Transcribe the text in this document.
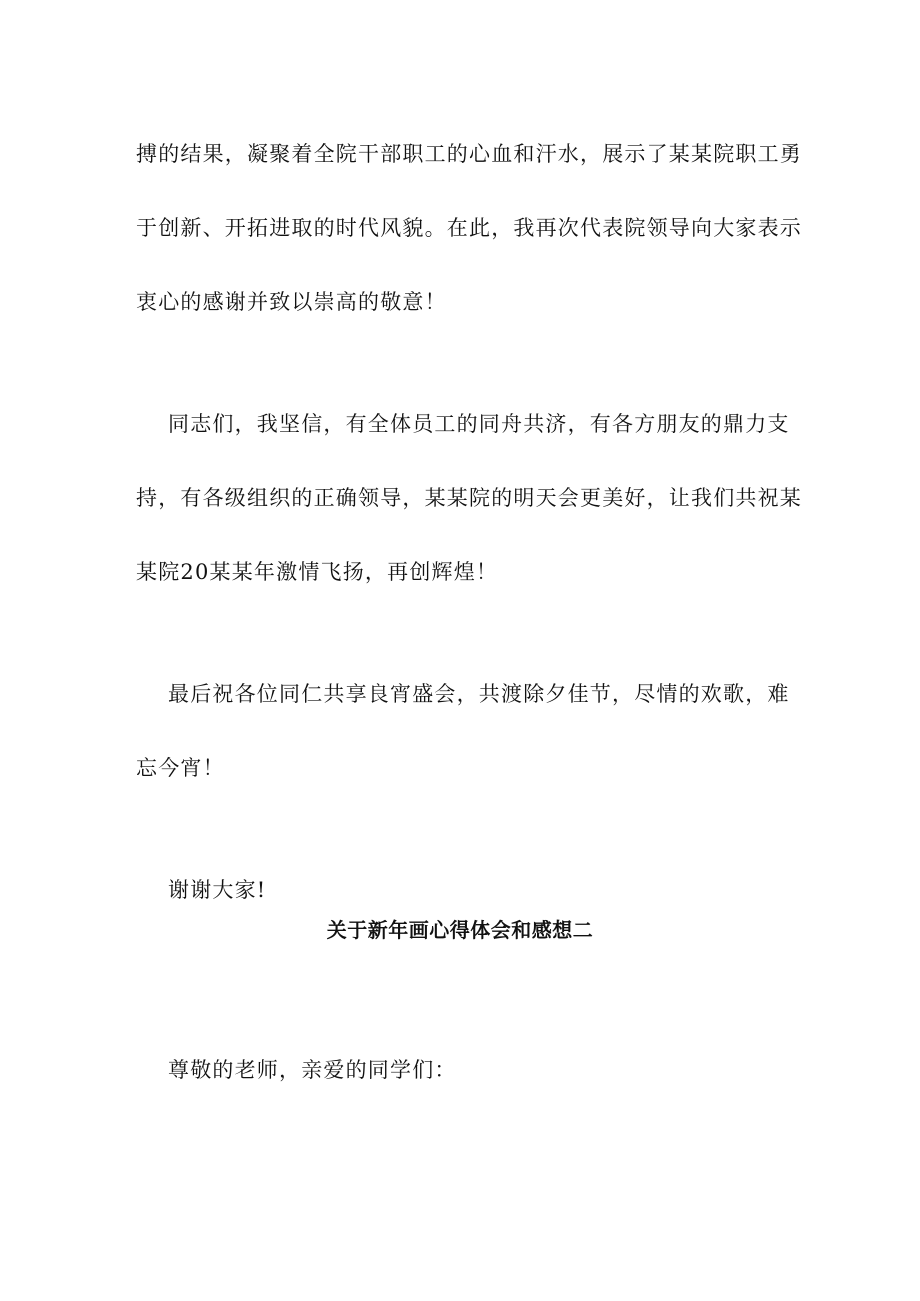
搏的结果，凝聚着全院干部职工的心血和汗水，展示了某某院职工勇
于创新、开拓进取的时代风貌。在此，我再次代表院领导向大家表示
衷心的感谢并致以崇高的敬意！
同志们，我坚信，有全体员工的同舟共济，有各方朋友的鼎力支
持，有各级组织的正确领导，某某院的明天会更美好，让我们共祝某
某院20某某年激情飞扬，再创辉煌！
最后祝各位同仁共享良宵盛会，共渡除夕佳节，尽情的欢歌，难
忘今宵！
谢谢大家!
关于新年画心得体会和感想二
尊敬的老师，亲爱的同学们：
